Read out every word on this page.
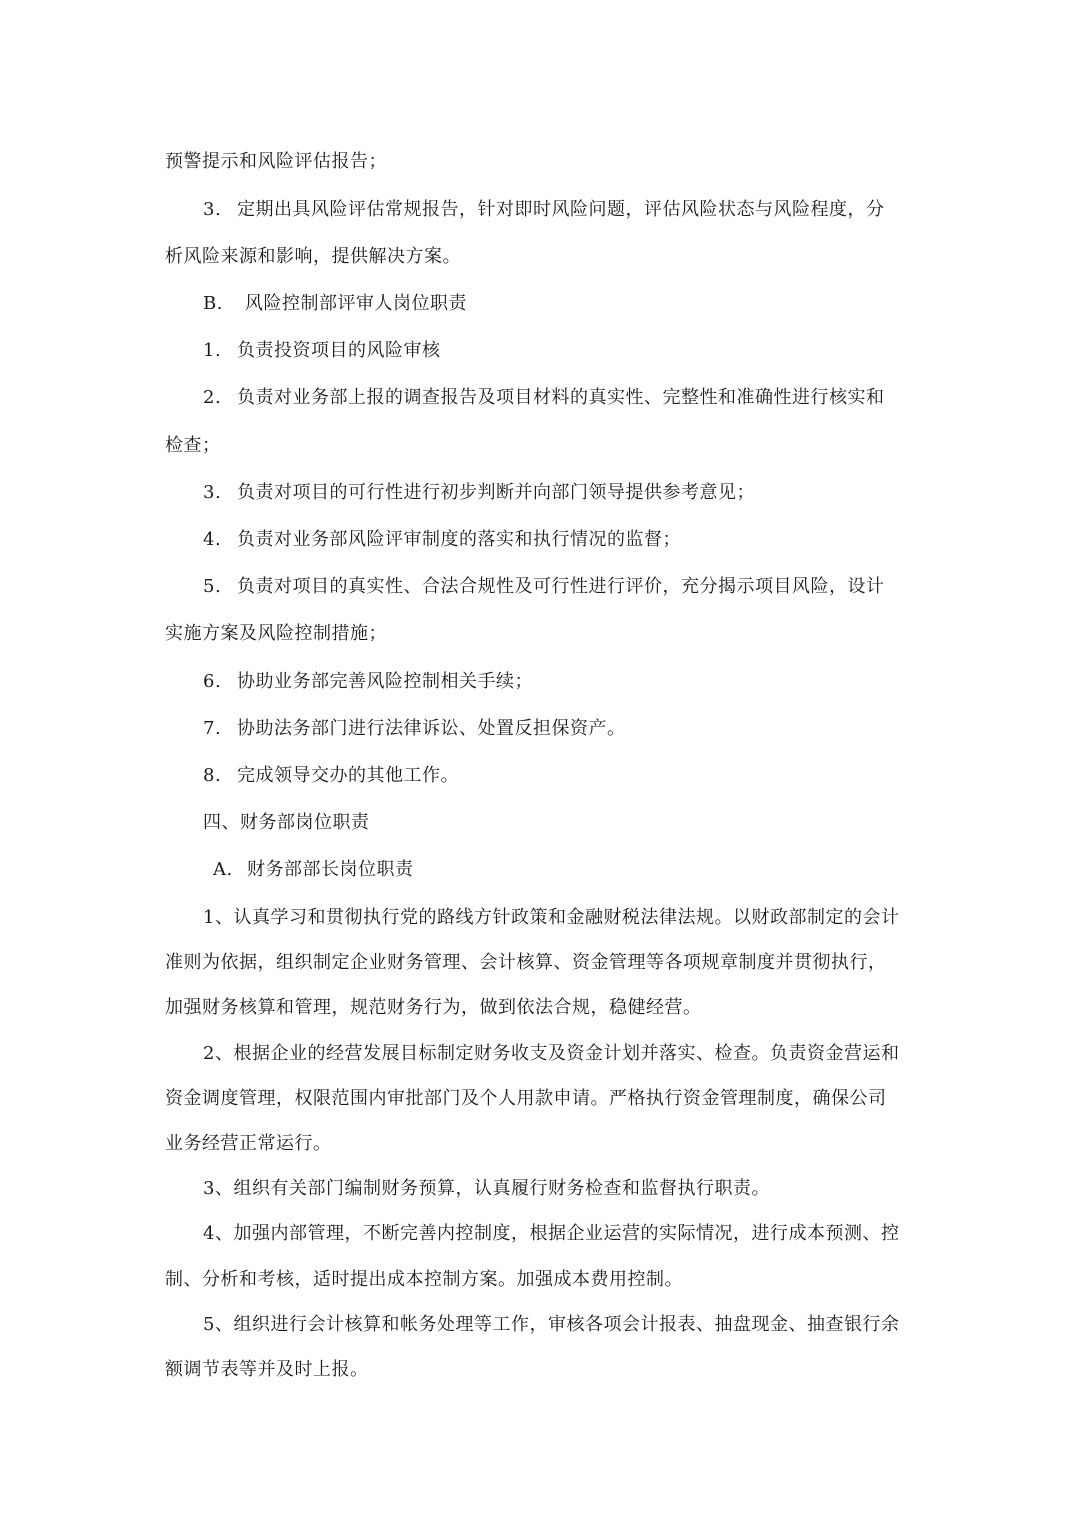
预警提示和风险评估报告；
3. 定期出具风险评估常规报告，针对即时风险问题，评估风险状态与风险程度，分
析风险来源和影响，提供解决方案。
B. 风险控制部评审人岗位职责
1. 负责投资项目的风险审核
2. 负责对业务部上报的调查报告及项目材料的真实性、完整性和准确性进行核实和
检查；
3. 负责对项目的可行性进行初步判断并向部门领导提供参考意见；
4. 负责对业务部风险评审制度的落实和执行情况的监督；
5. 负责对项目的真实性、合法合规性及可行性进行评价，充分揭示项目风险，设计
实施方案及风险控制措施；
6. 协助业务部完善风险控制相关手续；
7. 协助法务部门进行法律诉讼、处置反担保资产。
8. 完成领导交办的其他工作。
四、财务部岗位职责
A. 财务部部长岗位职责
1、认真学习和贯彻执行党的路线方针政策和金融财税法律法规。以财政部制定的会计
准则为依据，组织制定企业财务管理、会计核算、资金管理等各项规章制度并贯彻执行，
加强财务核算和管理，规范财务行为，做到依法合规，稳健经营。
2、根据企业的经营发展目标制定财务收支及资金计划并落实、检查。负责资金营运和
资金调度管理，权限范围内审批部门及个人用款申请。严格执行资金管理制度，确保公司
业务经营正常运行。
3、组织有关部门编制财务预算，认真履行财务检查和监督执行职责。
4、加强内部管理，不断完善内控制度，根据企业运营的实际情况，进行成本预测、控
制、分析和考核，适时提出成本控制方案。加强成本费用控制。
5、组织进行会计核算和帐务处理等工作，审核各项会计报表、抽盘现金、抽查银行余
额调节表等并及时上报。
